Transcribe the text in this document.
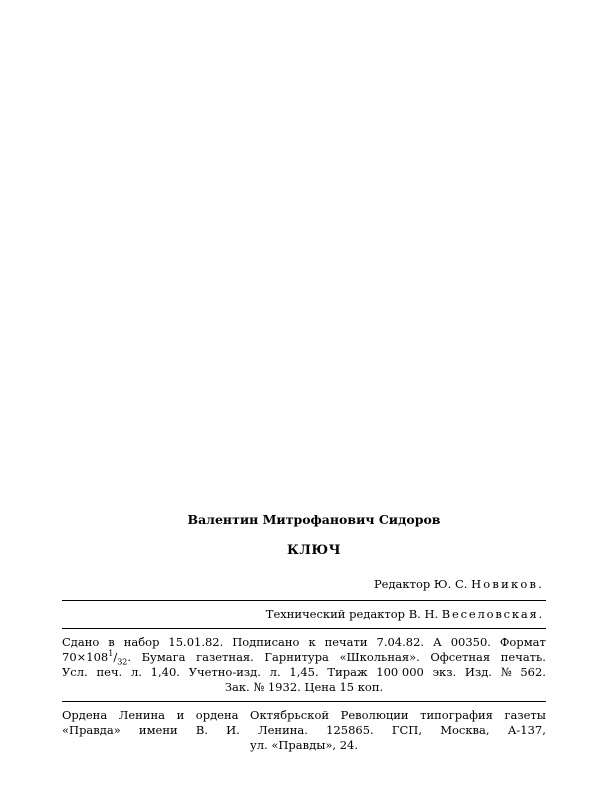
Валентин Митрофанович Сидоров
КЛЮЧ
Редактор Ю. С. Новиков.
Технический редактор В. Н. Веселовская.
Сдано в набор 15.01.82. Подписано к печати 7.04.82. А 00350. Формат
$70\times 108^1/_{32}$. Бумага газетная. Гарнитура «Школьная». Офсетная печать.
Усл. печ. л. 1,40. Учетно-изд. л. 1,45. Тираж 100 000 экз. Изд. № 562.
Зак. № 1932. Цена 15 коп.
Ордена Ленина и ордена Октябрьской Революции типография газеты
«Правда» имени В. И. Ленина. 125865. ГСП, Москва, А-137,
ул. «Правды», 24.
